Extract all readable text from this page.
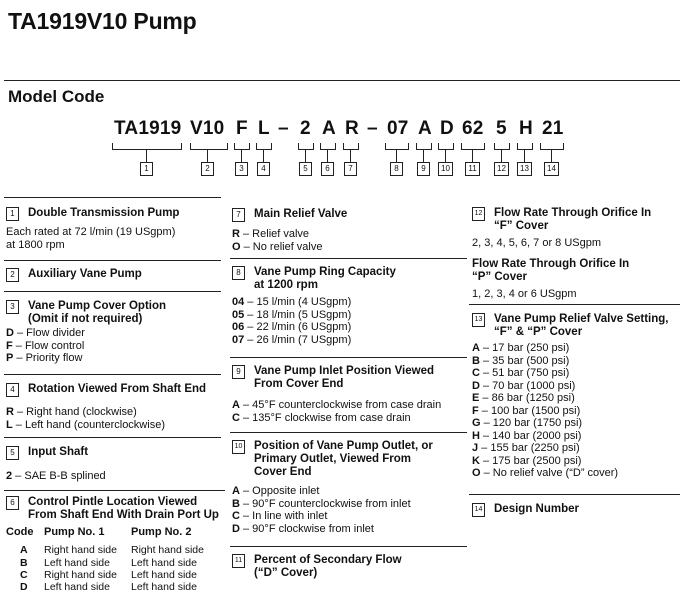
TA1919V10 Pump
Model Code
TA1919 V10 F L – 2 A R – 07 A D 62 5 H 21
1	2	3	4	5	6	7	8	9	10	11	12	13	14
1	Double Transmission Pump
Each rated at 72 l/min (19 USgpm)
at 1800 rpm
2	Auxiliary Vane Pump
3	Vane Pump Cover Option
(Omit if not required)
D – Flow divider
F – Flow control
P – Priority flow
4	Rotation Viewed From Shaft End
R – Right hand (clockwise)
L – Left hand (counterclockwise)
5	Input Shaft
2 – SAE B-B splined
6	Control Pintle Location Viewed
From Shaft End With Drain Port Up
Code Pump No. 1	Pump No. 2
A	Right hand side	Right hand side
B	Left hand side	Left hand side
C	Right hand side	Left hand side
D	Left hand side	Left hand side
7	Main Relief Valve
R – Relief valve
O – No relief valve
8	Vane Pump Ring Capacity
at 1200 rpm
04 – 15 l/min (4 USgpm)
05 – 18 l/min (5 USgpm)
06 – 22 l/min (6 USgpm)
07 – 26 l/min (7 USgpm)
9	Vane Pump Inlet Position Viewed
From Cover End
A – 45°F counterclockwise from case drain
C – 135°F clockwise from case drain
10 Position of Vane Pump Outlet, or
Primary Outlet, Viewed From
Cover End
A – Opposite inlet
B – 90°F counterclockwise from inlet
C – In line with inlet
D – 90°F clockwise from inlet
11 Percent of Secondary Flow
(“D” Cover)
12 Flow Rate Through Orifice In
“F” Cover
2, 3, 4, 5, 6, 7 or 8 USgpm
Flow Rate Through Orifice In
“P” Cover
1, 2, 3, 4 or 6 USgpm
13 Vane Pump Relief Valve Setting,
“F” & “P” Cover
A – 17 bar (250 psi)
B – 35 bar (500 psi)
C – 51 bar (750 psi)
D – 70 bar (1000 psi)
E – 86 bar (1250 psi)
F – 100 bar (1500 psi)
G – 120 bar (1750 psi)
H – 140 bar (2000 psi)
J – 155 bar (2250 psi)
K – 175 bar (2500 psi)
O – No relief valve (“D” cover)
14 Design Number
